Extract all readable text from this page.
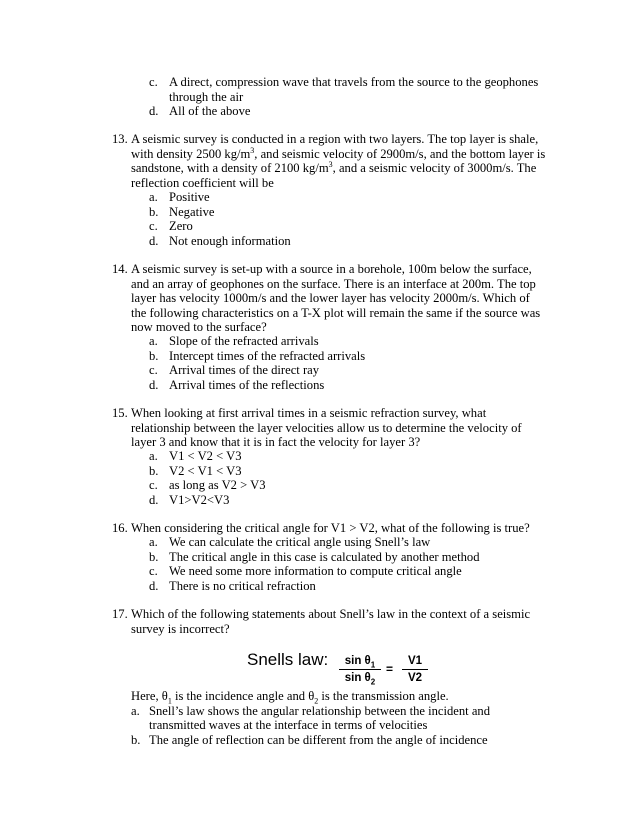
c. A direct, compression wave that travels from the source to the geophones through the air
d. All of the above
13. A seismic survey is conducted in a region with two layers. The top layer is shale, with density 2500 $kg/m^3$, and seismic velocity of 2900m/s, and the bottom layer is sandstone, with a density of 2100 $kg/m^3$, and a seismic velocity of 3000m/s. The reflection coefficient will be
a. Positive
b. Negative
c. Zero
d. Not enough information
14. A seismic survey is set-up with a source in a borehole, 100m below the surface, and an array of geophones on the surface. There is an interface at 200m. The top layer has velocity 1000m/s and the lower layer has velocity 2000m/s. Which of the following characteristics on a T-X plot will remain the same if the source was now moved to the surface?
a. Slope of the refracted arrivals
b. Intercept times of the refracted arrivals
c. Arrival times of the direct ray
d. Arrival times of the reflections
15. When looking at first arrival times in a seismic refraction survey, what relationship between the layer velocities allow us to determine the velocity of layer 3 and know that it is in fact the velocity for layer 3?
a. V1 < V2 < V3
b. V2 < V1 < V3
c. as long as V2 > V3
d. V1>V2<V3
16. When considering the critical angle for V1 > V2, what of the following is true?
a. We can calculate the critical angle using Snell’s law
b. The critical angle in this case is calculated by another method
c. We need some more information to compute critical angle
d. There is no critical refraction
17. Which of the following statements about Snell’s law in the context of a seismic survey is incorrect?
Snells law: $\frac{\sin \theta_1}{\sin \theta_2} = \frac{V1}{V2}$
Here, $\theta_1$ is the incidence angle and $\theta_2$ is the transmission angle.
a. Snell’s law shows the angular relationship between the incident and transmitted waves at the interface in terms of velocities
b. The angle of reflection can be different from the angle of incidence
